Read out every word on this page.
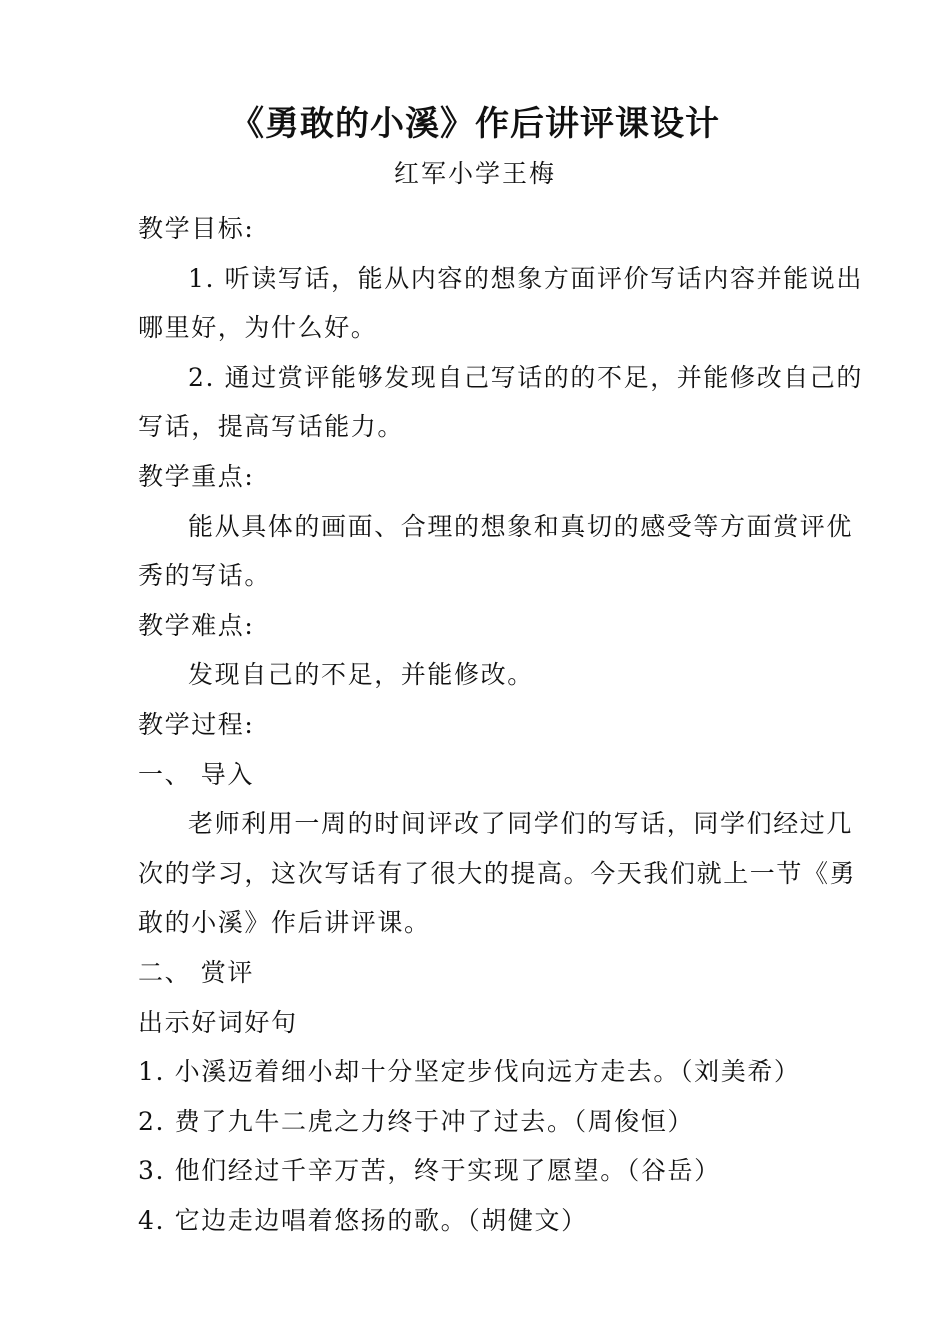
《勇敢的小溪》作后讲评课设计
红军小学王梅

教学目标:

1. 听读写话，能从内容的想象方面评价写话内容并能说出哪里好，为什么好。

2. 通过赏评能够发现自己写话的的不足，并能修改自己的写话，提高写话能力。

教学重点:

能从具体的画面、合理的想象和真切的感受等方面赏评优秀的写话。

教学难点:

发现自己的不足，并能修改。

教学过程:

一、 导入

老师利用一周的时间评改了同学们的写话，同学们经过几次的学习，这次写话有了很大的提高。今天我们就上一节《勇敢的小溪》作后讲评课。

二、 赏评

出示好词好句

1. 小溪迈着细小却十分坚定步伐向远方走去。（刘美希）

2. 费了九牛二虎之力终于冲了过去。（周俊恒）

3. 他们经过千辛万苦，终于实现了愿望。（谷岳）

4. 它边走边唱着悠扬的歌。（胡健文）
